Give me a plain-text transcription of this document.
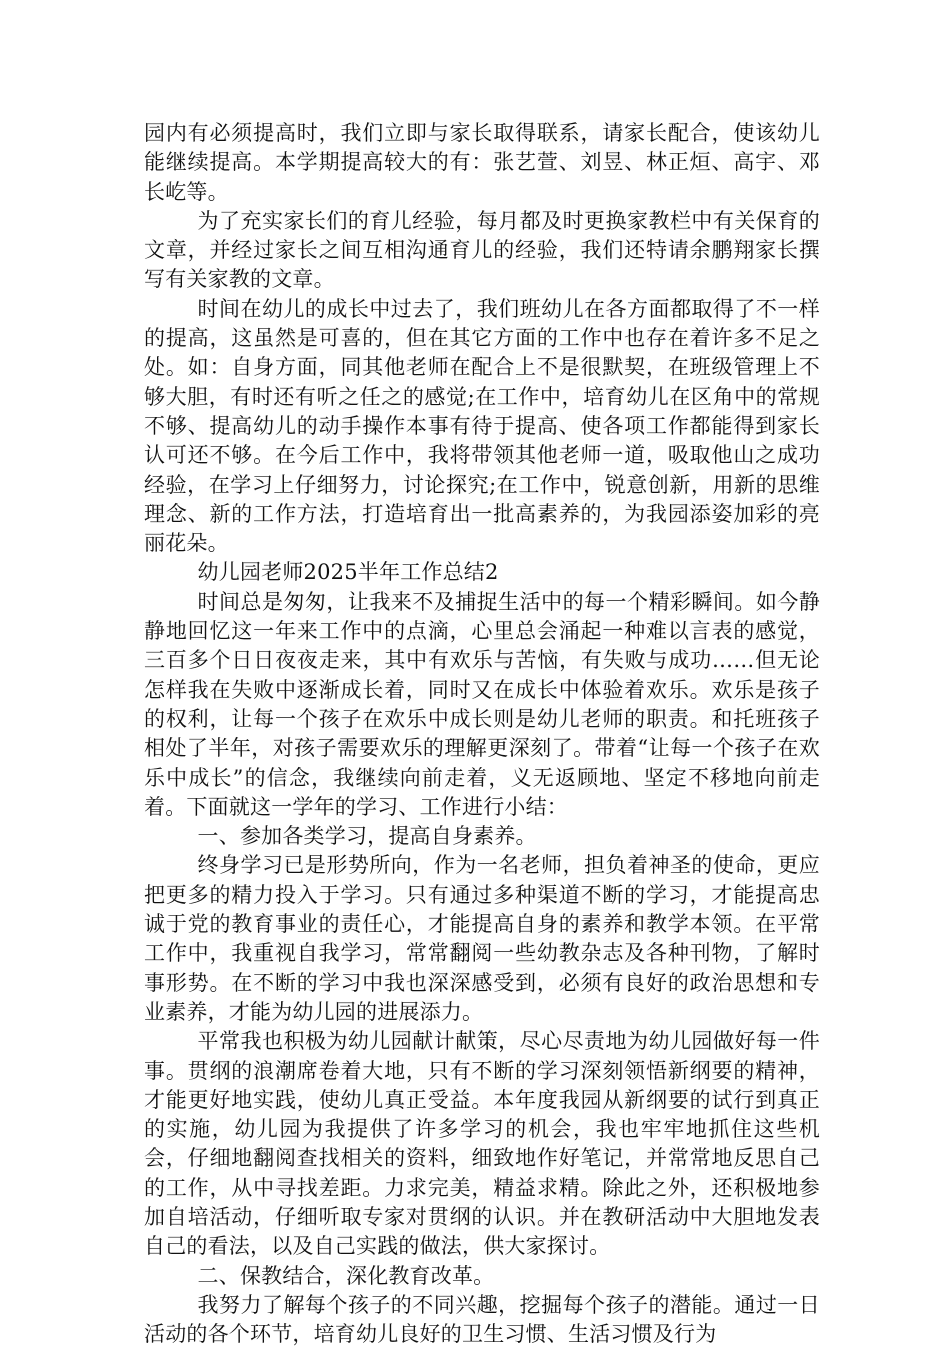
园内有必须提高时，我们立即与家长取得联系，请家长配合，使该幼儿能继续提高。本学期提高较大的有：张艺萱、刘昱、林正烜、高宇、邓长屹等。

为了充实家长们的育儿经验，每月都及时更换家教栏中有关保育的文章，并经过家长之间互相沟通育儿的经验，我们还特请余鹏翔家长撰写有关家教的文章。

时间在幼儿的成长中过去了，我们班幼儿在各方面都取得了不一样的提高，这虽然是可喜的，但在其它方面的工作中也存在着许多不足之处。如：自身方面，同其他老师在配合上不是很默契，在班级管理上不够大胆，有时还有听之任之的感觉;在工作中，培育幼儿在区角中的常规不够、提高幼儿的动手操作本事有待于提高、使各项工作都能得到家长认可还不够。在今后工作中，我将带领其他老师一道，吸取他山之成功经验，在学习上仔细努力，讨论探究;在工作中，锐意创新，用新的思维理念、新的工作方法，打造培育出一批高素养的，为我园添姿加彩的亮丽花朵。

幼儿园老师2025半年工作总结2

时间总是匆匆，让我来不及捕捉生活中的每一个精彩瞬间。如今静静地回忆这一年来工作中的点滴，心里总会涌起一种难以言表的感觉，三百多个日日夜夜走来，其中有欢乐与苦恼，有失败与成功……但无论怎样我在失败中逐渐成长着，同时又在成长中体验着欢乐。欢乐是孩子的权利，让每一个孩子在欢乐中成长则是幼儿老师的职责。和托班孩子相处了半年，对孩子需要欢乐的理解更深刻了。带着“让每一个孩子在欢乐中成长”的信念，我继续向前走着，义无返顾地、坚定不移地向前走着。下面就这一学年的学习、工作进行小结：

一、参加各类学习，提高自身素养。

终身学习已是形势所向，作为一名老师，担负着神圣的使命，更应把更多的精力投入于学习。只有通过多种渠道不断的学习，才能提高忠诚于党的教育事业的责任心，才能提高自身的素养和教学本领。在平常工作中，我重视自我学习，常常翻阅一些幼教杂志及各种刊物，了解时事形势。在不断的学习中我也深深感受到，必须有良好的政治思想和专业素养，才能为幼儿园的进展添力。

平常我也积极为幼儿园献计献策，尽心尽责地为幼儿园做好每一件事。贯纲的浪潮席卷着大地，只有不断的学习深刻领悟新纲要的精神，才能更好地实践，使幼儿真正受益。本年度我园从新纲要的试行到真正的实施，幼儿园为我提供了许多学习的机会，我也牢牢地抓住这些机会，仔细地翻阅查找相关的资料，细致地作好笔记，并常常地反思自己的工作，从中寻找差距。力求完美，精益求精。除此之外，还积极地参加自培活动，仔细听取专家对贯纲的认识。并在教研活动中大胆地发表自己的看法，以及自己实践的做法，供大家探讨。

二、保教结合，深化教育改革。

我努力了解每个孩子的不同兴趣，挖掘每个孩子的潜能。通过一日活动的各个环节，培育幼儿良好的卫生习惯、生活习惯及行为
